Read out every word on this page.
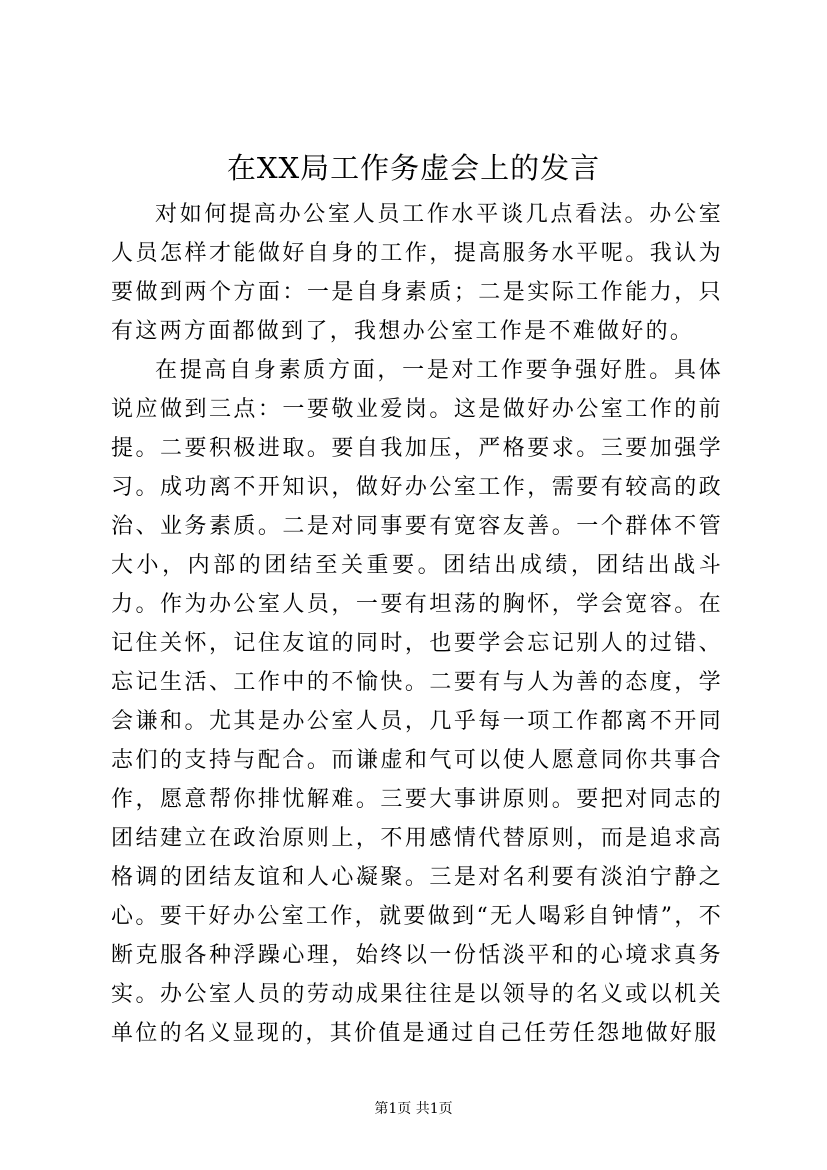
在XX局工作务虚会上的发言

对如何提高办公室人员工作水平谈几点看法。办公室人员怎样才能做好自身的工作，提高服务水平呢。我认为要做到两个方面：一是自身素质；二是实际工作能力，只有这两方面都做到了，我想办公室工作是不难做好的。

在提高自身素质方面，一是对工作要争强好胜。具体说应做到三点：一要敬业爱岗。这是做好办公室工作的前提。二要积极进取。要自我加压，严格要求。三要加强学习。成功离不开知识，做好办公室工作，需要有较高的政治、业务素质。二是对同事要有宽容友善。一个群体不管大小，内部的团结至关重要。团结出成绩，团结出战斗力。作为办公室人员，一要有坦荡的胸怀，学会宽容。在记住关怀，记住友谊的同时，也要学会忘记别人的过错、忘记生活、工作中的不愉快。二要有与人为善的态度，学会谦和。尤其是办公室人员，几乎每一项工作都离不开同志们的支持与配合。而谦虚和气可以使人愿意同你共事合作，愿意帮你排忧解难。三要大事讲原则。要把对同志的团结建立在政治原则上，不用感情代替原则，而是追求高格调的团结友谊和人心凝聚。三是对名利要有淡泊宁静之心。要干好办公室工作，就要做到“无人喝彩自钟情”，不断克服各种浮躁心理，始终以一份恬淡平和的心境求真务实。办公室人员的劳动成果往往是以领导的名义或以机关单位的名义显现的，其价值是通过自己任劳任怨地做好服

第1页 共1页
